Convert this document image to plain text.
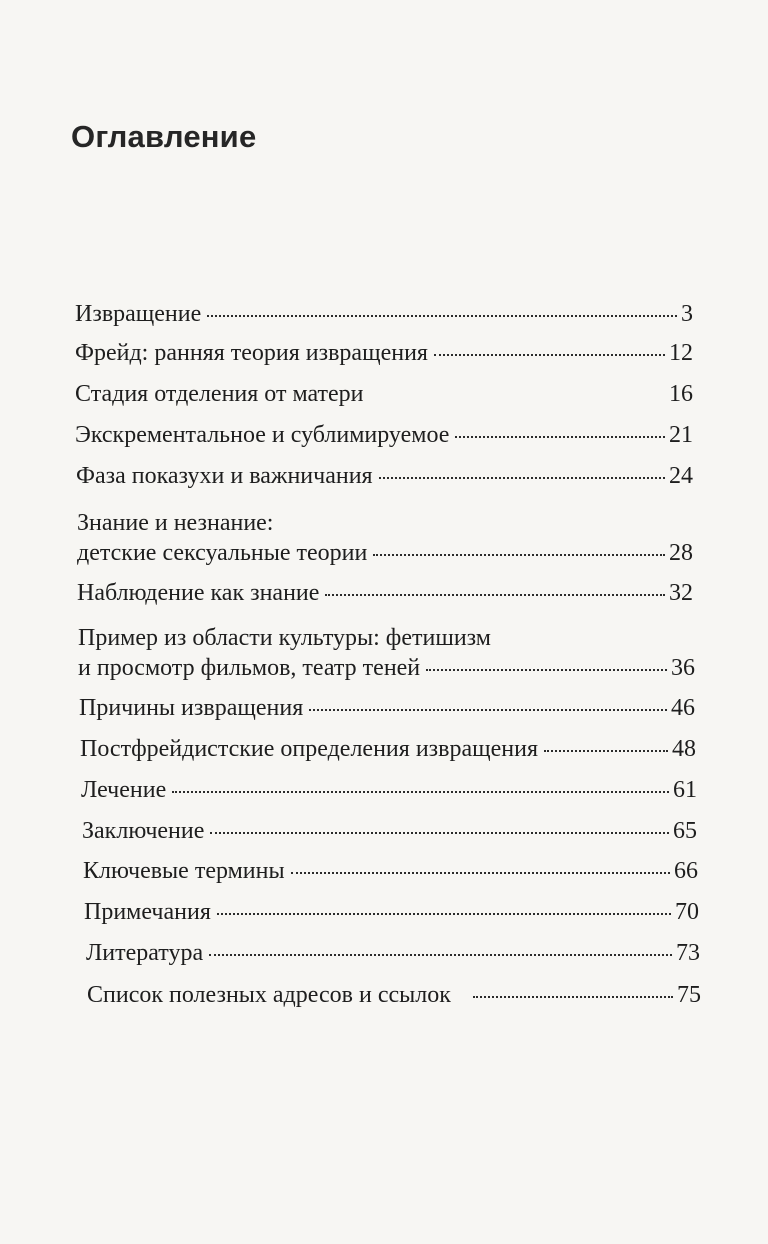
Оглавление
Извращение	3
Фрейд: ранняя теория извращения	12
Стадия отделения от матери	16
Экскрементальное и сублимируемое	21
Фаза показухи и важничания	24
Знание и незнание:
детские сексуальные теории	28
Наблюдение как знание	32
Пример из области культуры: фетишизм
и просмотр фильмов, театр теней	36
Причины извращения	46
Постфрейдистские определения извращения	48
Лечение	61
Заключение	65
Ключевые термины	66
Примечания	70
Литература	73
Список полезных адресов и ссылок	75
